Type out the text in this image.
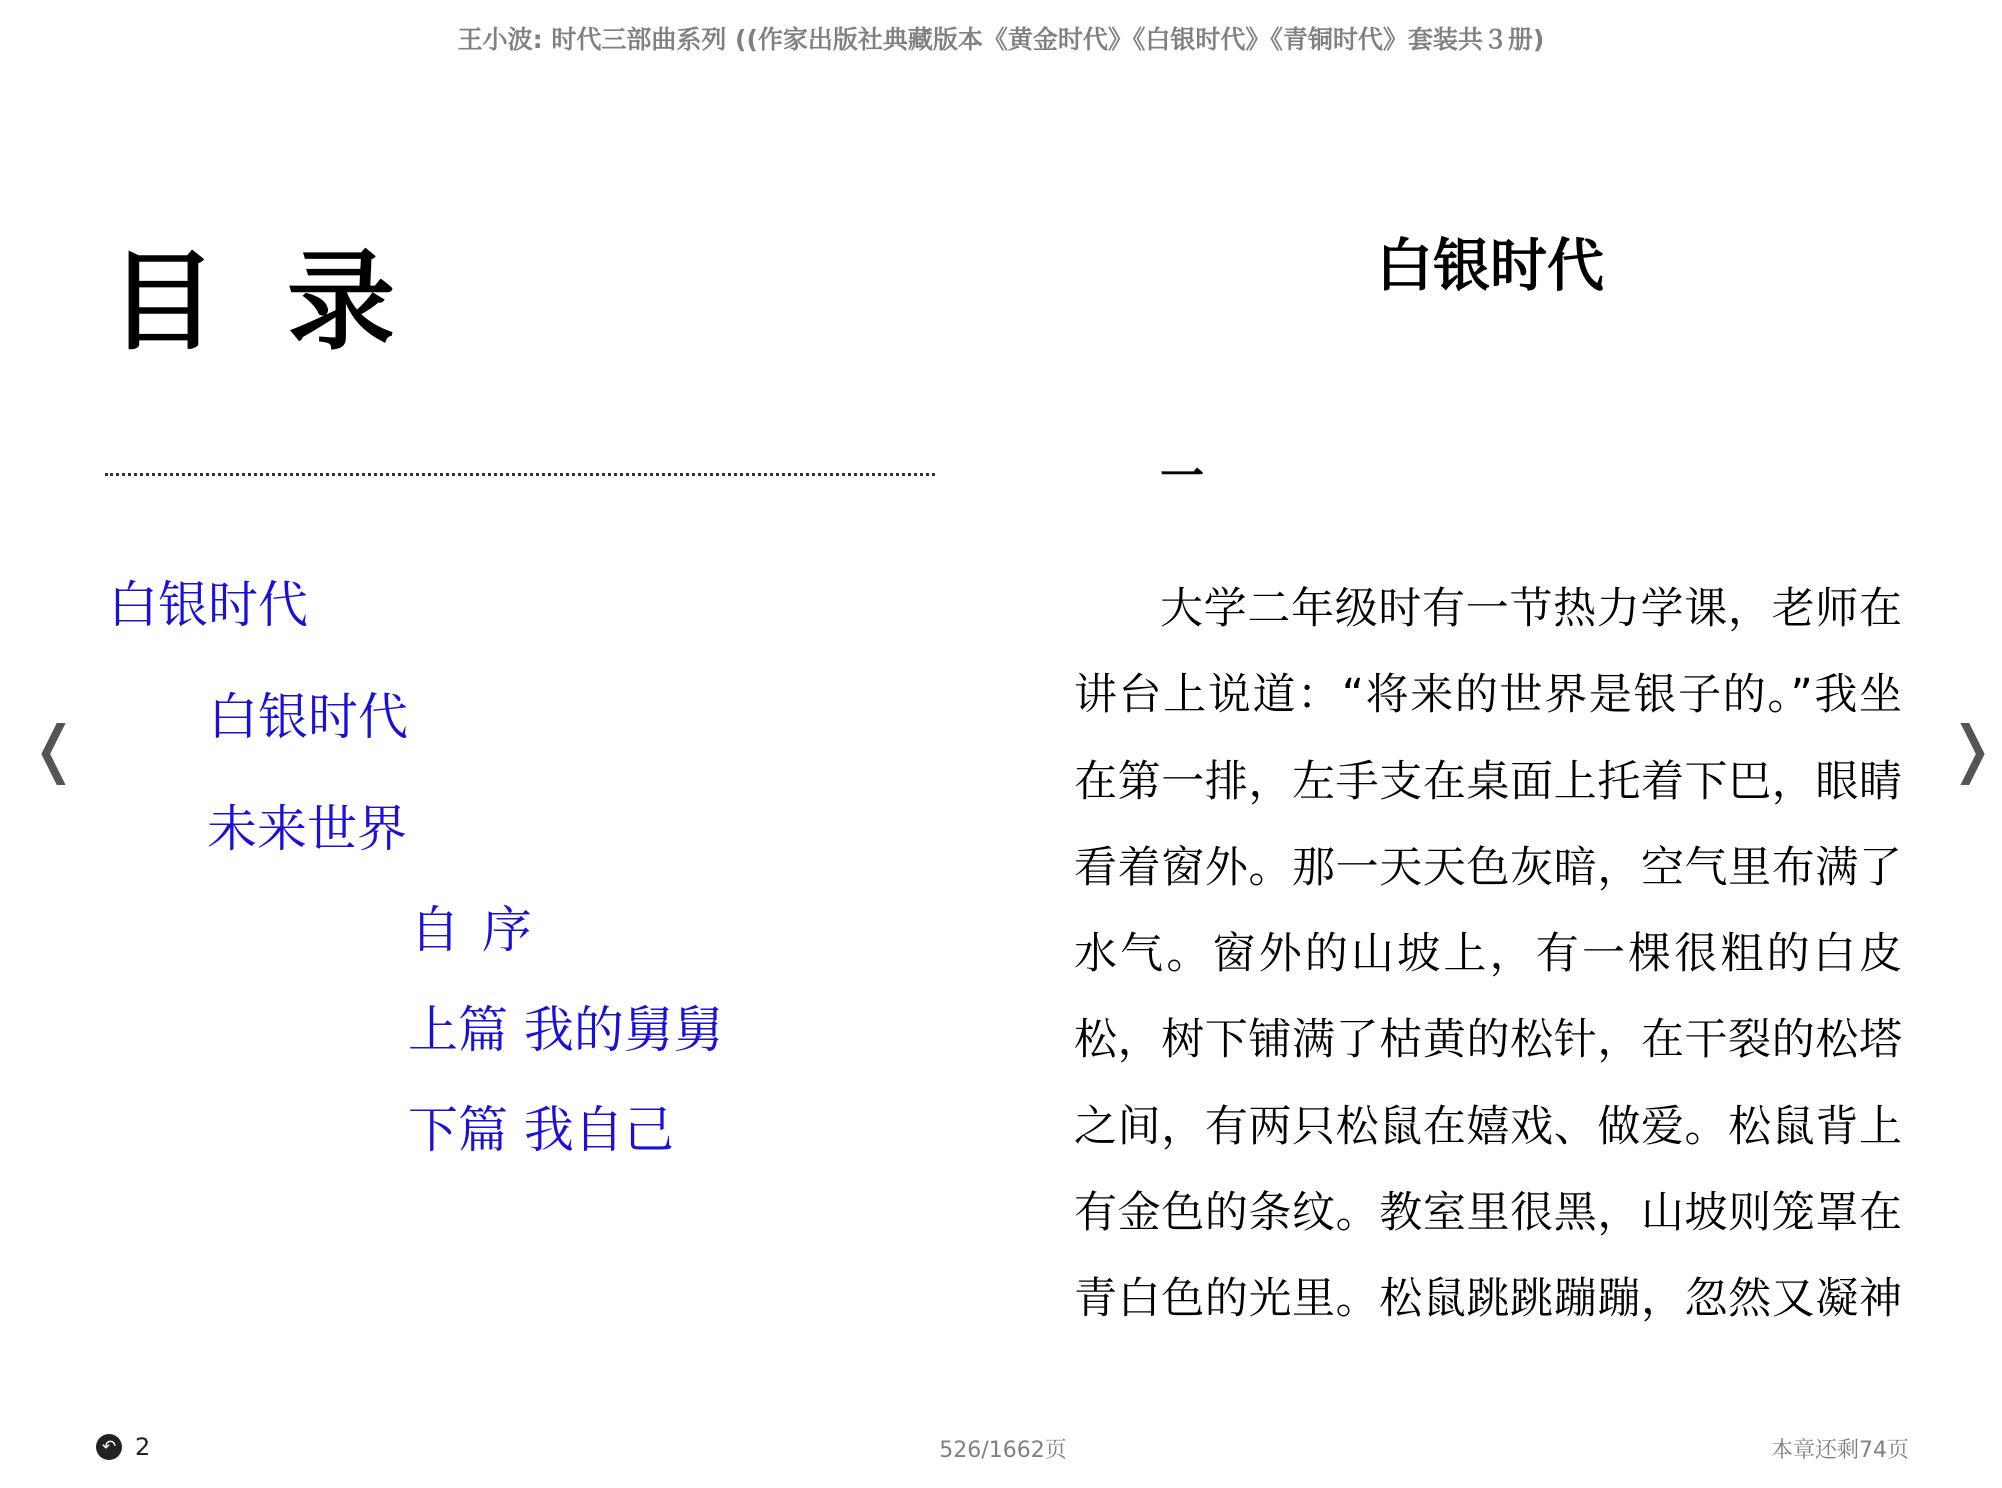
王小波: 时代三部曲系列 ((作家出版社典藏版本《黄金时代》《白银时代》《青铜时代》套装共３册)
目录
白银时代
白银时代
未来世界
自 序
上篇 我的舅舅
下篇 我自己
白银时代
一
大学二年级时有一节热力学课，老师在
讲台上说道：“将来的世界是银子的。”我坐
在第一排，左手支在桌面上托着下巴，眼睛
看着窗外。那一天天色灰暗，空气里布满了
水气。窗外的山坡上，有一棵很粗的白皮
松，树下铺满了枯黄的松针，在干裂的松塔
之间，有两只松鼠在嬉戏、做爱。松鼠背上
有金色的条纹。教室里很黑，山坡则笼罩在
青白色的光里。松鼠跳跳蹦蹦，忽然又凝神
❬	❭
↶ 2	526/1662页	本章还剩74页
